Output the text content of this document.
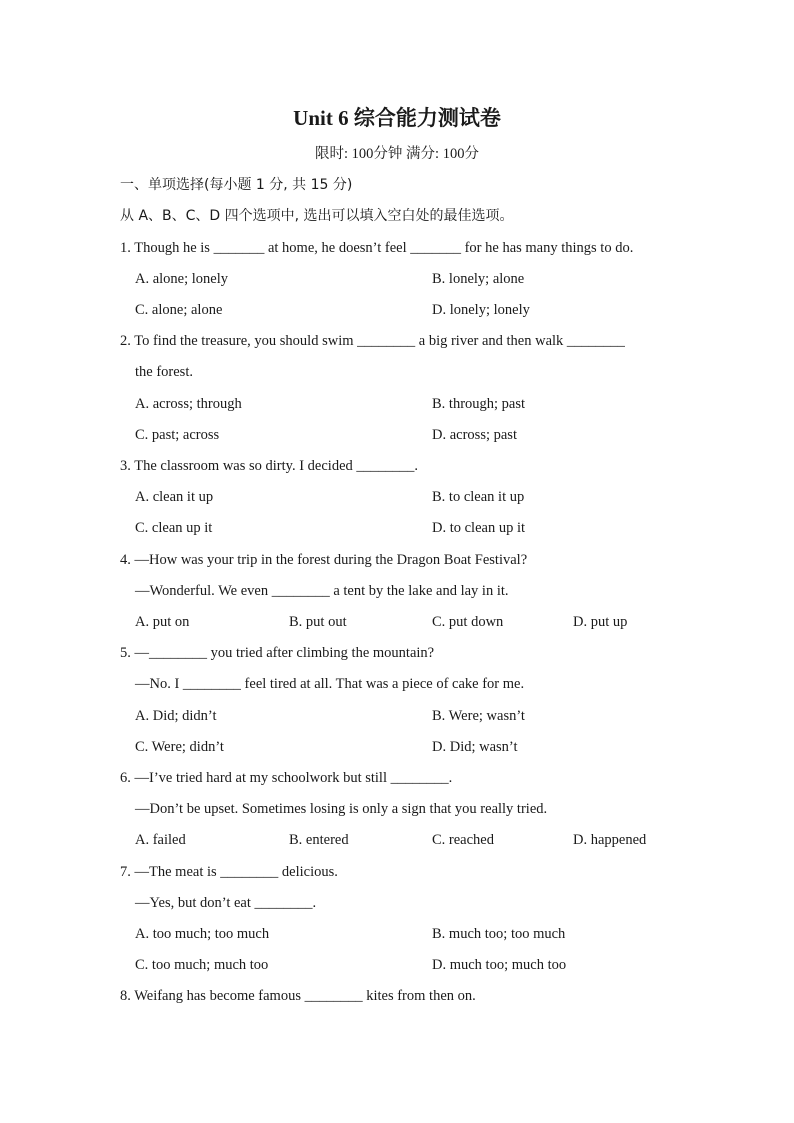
Unit 6 综合能力测试卷
限时: 100分钟 满分: 100分
一、单项选择(每小题 1 分, 共 15 分)
从 A、B、C、D 四个选项中, 选出可以填入空白处的最佳选项。
1. Though he is _______ at home, he doesn’t feel _______ for he has many things to do.
A. alone; lonely	B. lonely; alone
C. alone; alone	D. lonely; lonely
2. To find the treasure, you should swim ________ a big river and then walk ________
the forest.
A. across; through	B. through; past
C. past; across	D. across; past
3. The classroom was so dirty. I decided ________.
A. clean it up	B. to clean it up
C. clean up it	D. to clean up it
4. —How was your trip in the forest during the Dragon Boat Festival?
—Wonderful. We even ________ a tent by the lake and lay in it.
A. put on	B. put out	C. put down	D. put up
5. —________ you tried after climbing the mountain?
—No. I ________ feel tired at all. That was a piece of cake for me.
A. Did; didn’t	B. Were; wasn’t
C. Were; didn’t	D. Did; wasn’t
6. —I’ve tried hard at my schoolwork but still ________.
—Don’t be upset. Sometimes losing is only a sign that you really tried.
A. failed	B. entered	C. reached	D. happened
7. —The meat is ________ delicious.
—Yes, but don’t eat ________.
A. too much; too much	B. much too; too much
C. too much; much too	D. much too; much too
8. Weifang has become famous ________ kites from then on.
